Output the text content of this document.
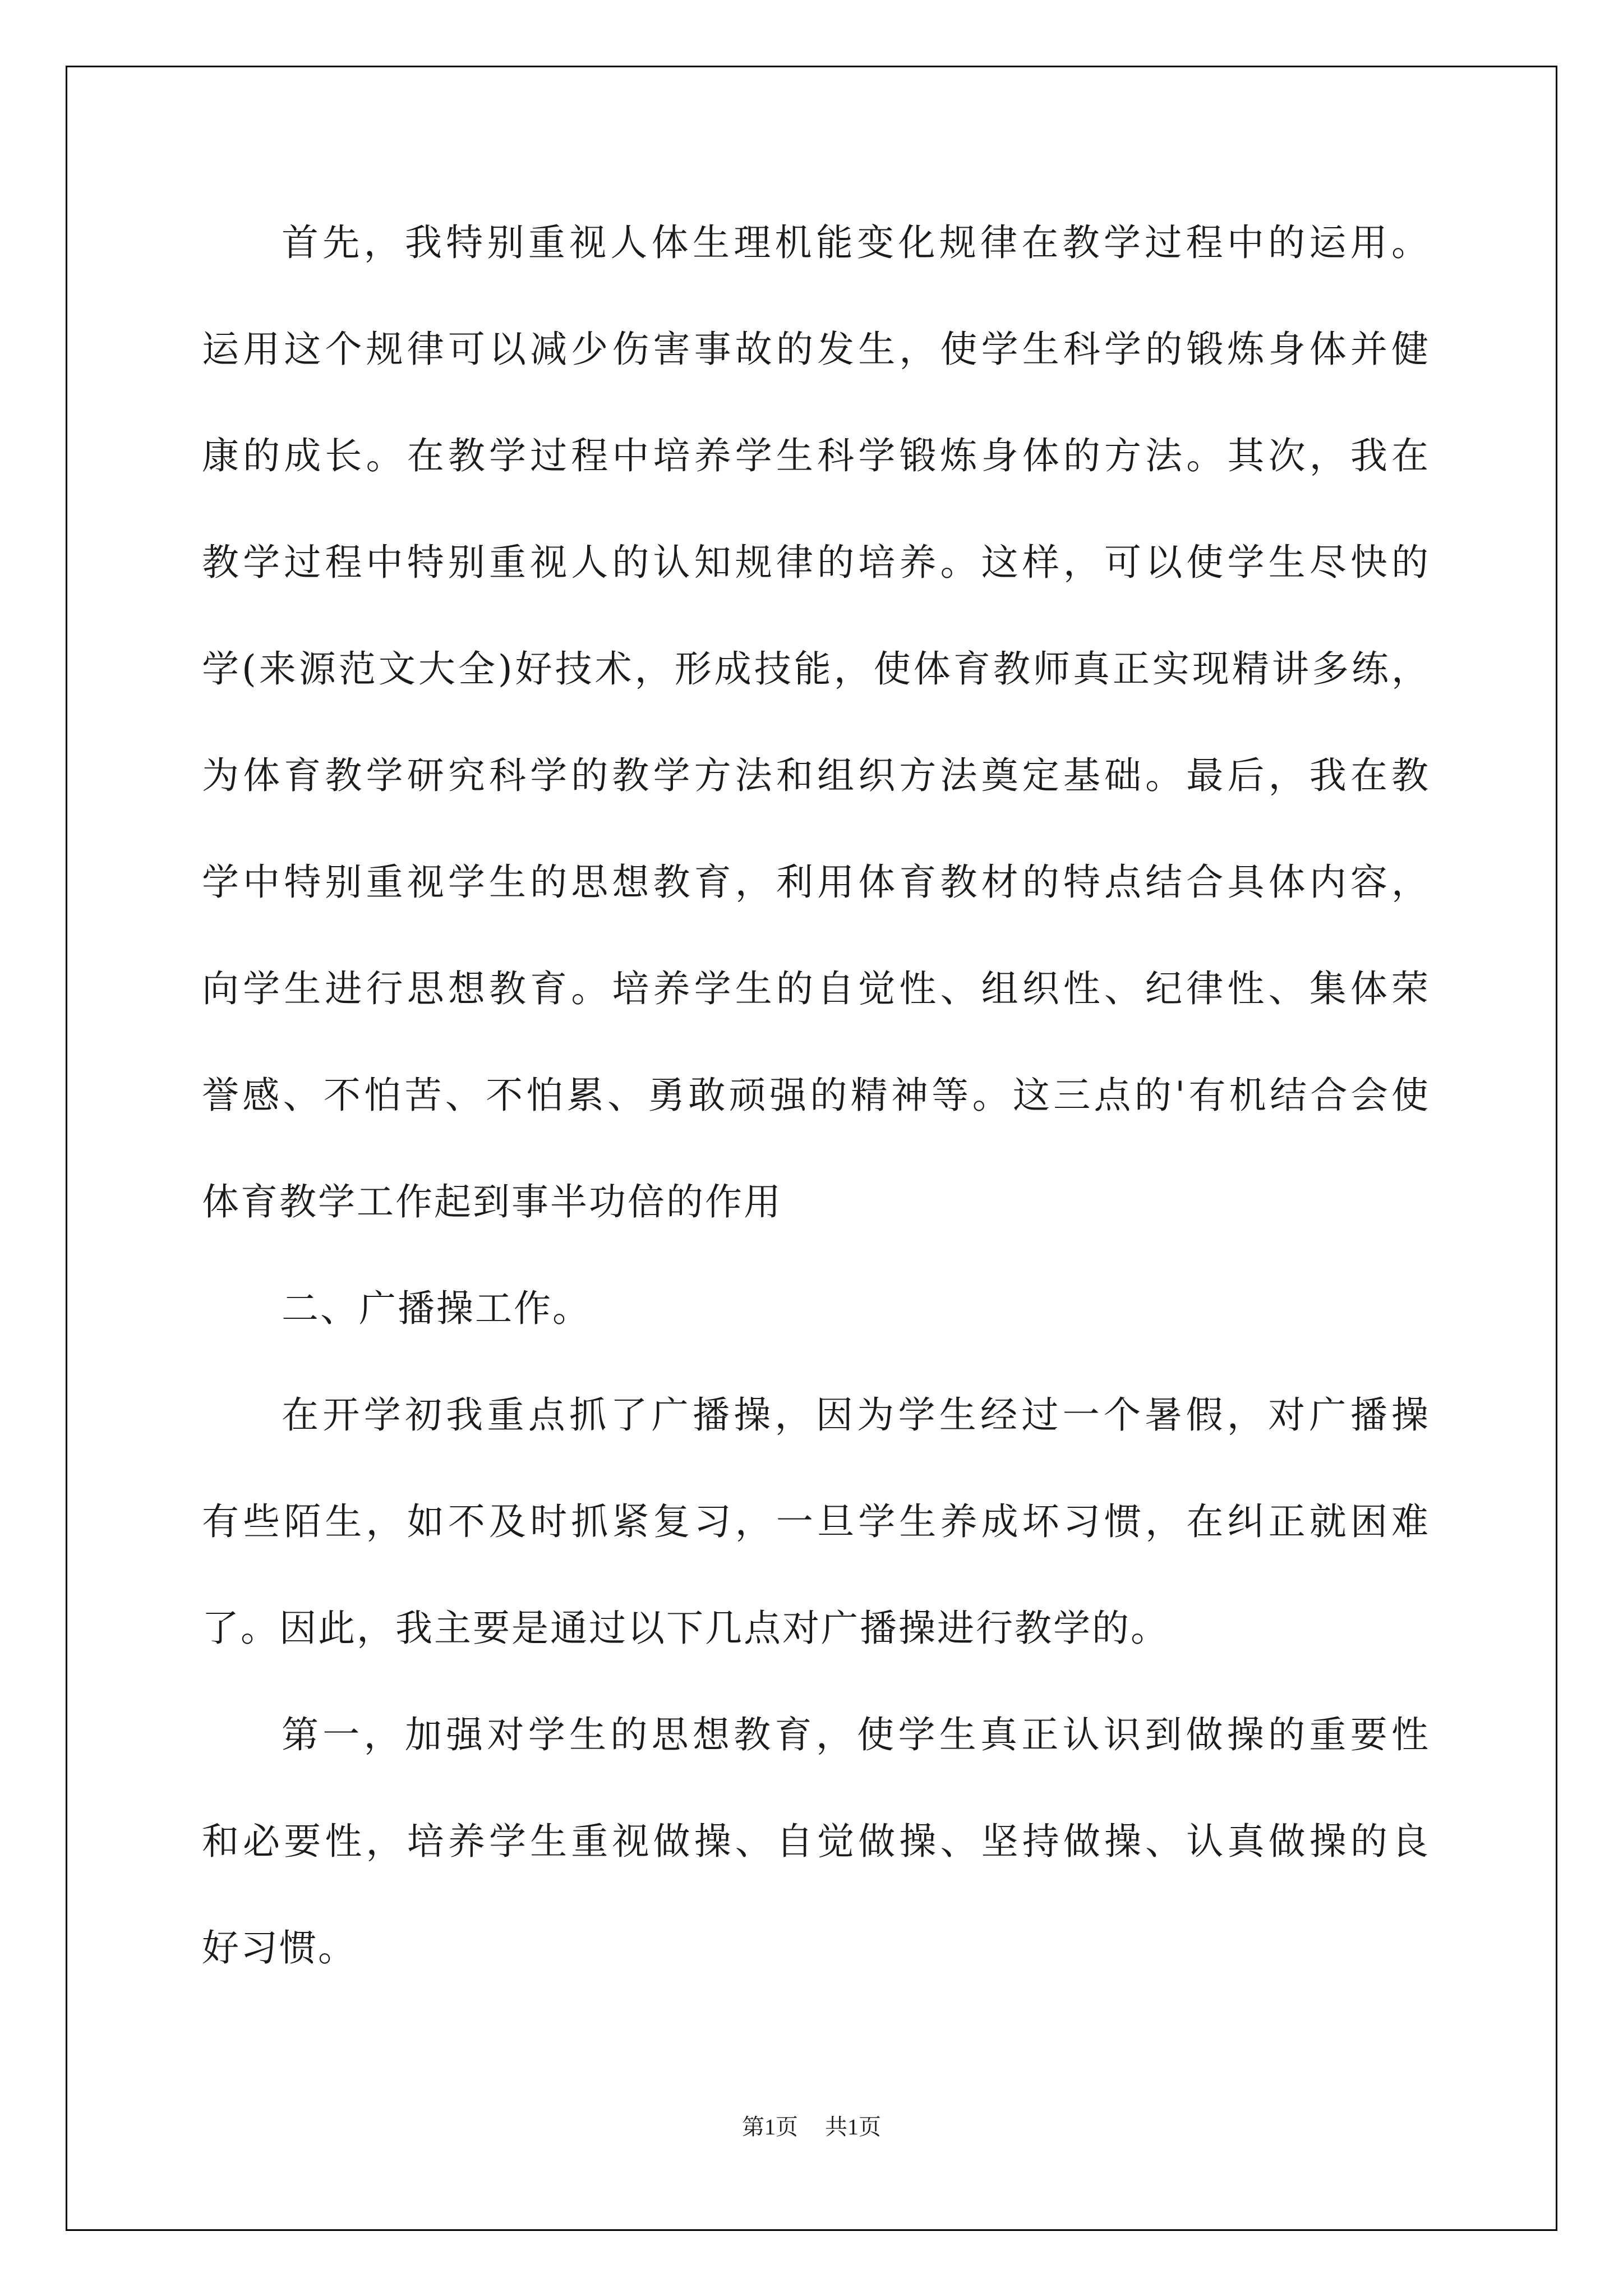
首先，我特别重视人体生理机能变化规律在教学过程中的运用。
运用这个规律可以减少伤害事故的发生，使学生科学的锻炼身体并健
康的成长。在教学过程中培养学生科学锻炼身体的方法。其次，我在
教学过程中特别重视人的认知规律的培养。这样，可以使学生尽快的
学(来源范文大全)好技术，形成技能，使体育教师真正实现精讲多练，
为体育教学研究科学的教学方法和组织方法奠定基础。最后，我在教
学中特别重视学生的思想教育，利用体育教材的特点结合具体内容，
向学生进行思想教育。培养学生的自觉性、组织性、纪律性、集体荣
誉感、不怕苦、不怕累、勇敢顽强的精神等。这三点的'有机结合会使
体育教学工作起到事半功倍的作用
二、广播操工作。
在开学初我重点抓了广播操，因为学生经过一个暑假，对广播操
有些陌生，如不及时抓紧复习，一旦学生养成坏习惯，在纠正就困难
了。因此，我主要是通过以下几点对广播操进行教学的。
第一，加强对学生的思想教育，使学生真正认识到做操的重要性
和必要性，培养学生重视做操、自觉做操、坚持做操、认真做操的良
好习惯。
第1页 共1页
